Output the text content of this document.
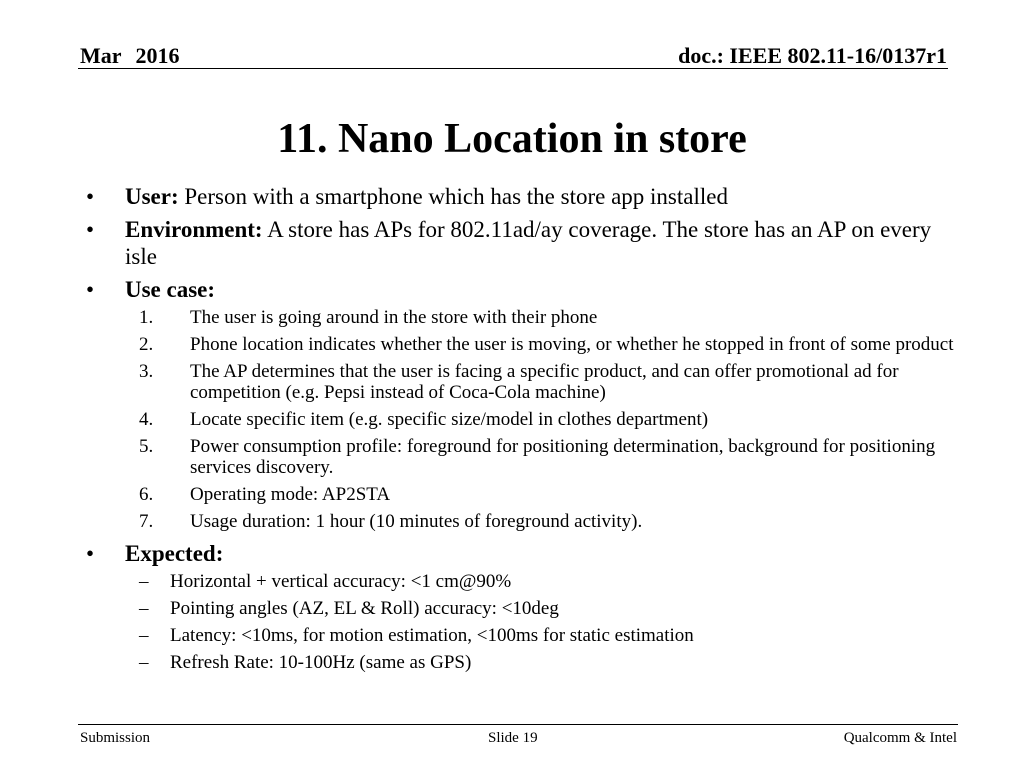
Mar 2016	doc.: IEEE 802.11-16/0137r1
11. Nano Location in store
• User: Person with a smartphone which has the store app installed
• Environment: A store has APs for 802.11ad/ay coverage. The store has an AP on every isle
• Use case:
1. The user is going around in the store with their phone
2. Phone location indicates whether the user is moving, or whether he stopped in front of some product
3. The AP determines that the user is facing a specific product, and can offer promotional ad for competition (e.g. Pepsi instead of Coca-Cola machine)
4. Locate specific item (e.g. specific size/model in clothes department)
5. Power consumption profile: foreground for positioning determination, background for positioning services discovery.
6. Operating mode: AP2STA
7. Usage duration: 1 hour (10 minutes of foreground activity).
• Expected:
– Horizontal + vertical accuracy: <1 cm@90%
– Pointing angles (AZ, EL & Roll) accuracy: <10deg
– Latency: <10ms, for motion estimation, <100ms for static estimation
– Refresh Rate: 10-100Hz (same as GPS)
Submission	Slide 19	Qualcomm & Intel
